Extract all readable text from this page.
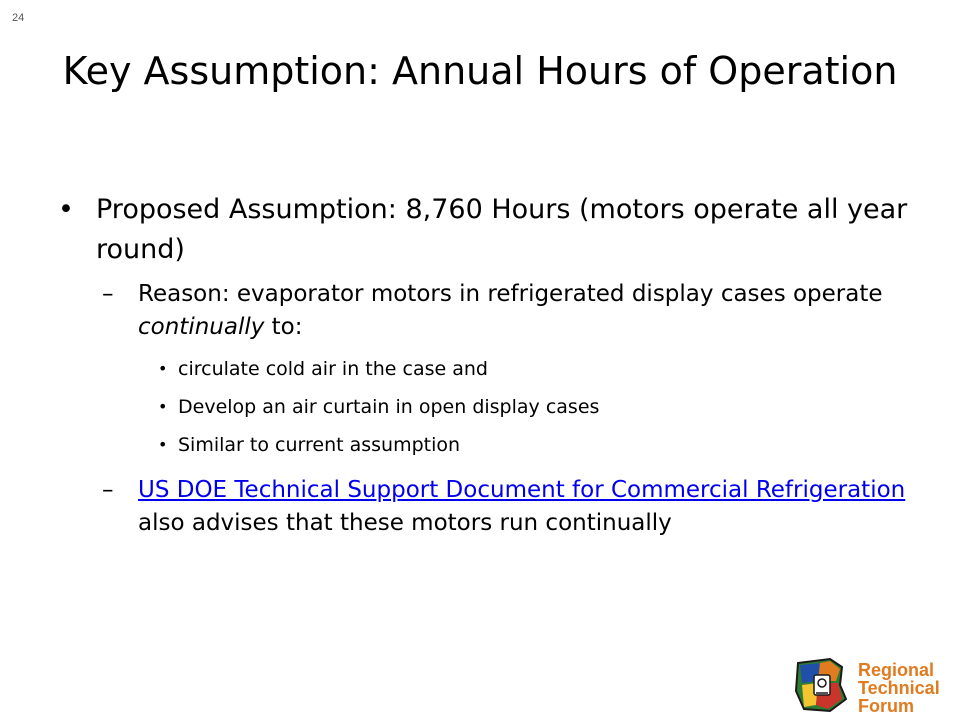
24
Key Assumption: Annual Hours of Operation
• Proposed Assumption: 8,760 Hours (motors operate all year round)
– Reason: evaporator motors in refrigerated display cases operate continually to:
• circulate cold air in the case and
• Develop an air curtain in open display cases
• Similar to current assumption
– US DOE Technical Support Document for Commercial Refrigeration also advises that these motors run continually
Regional
Technical
Forum
